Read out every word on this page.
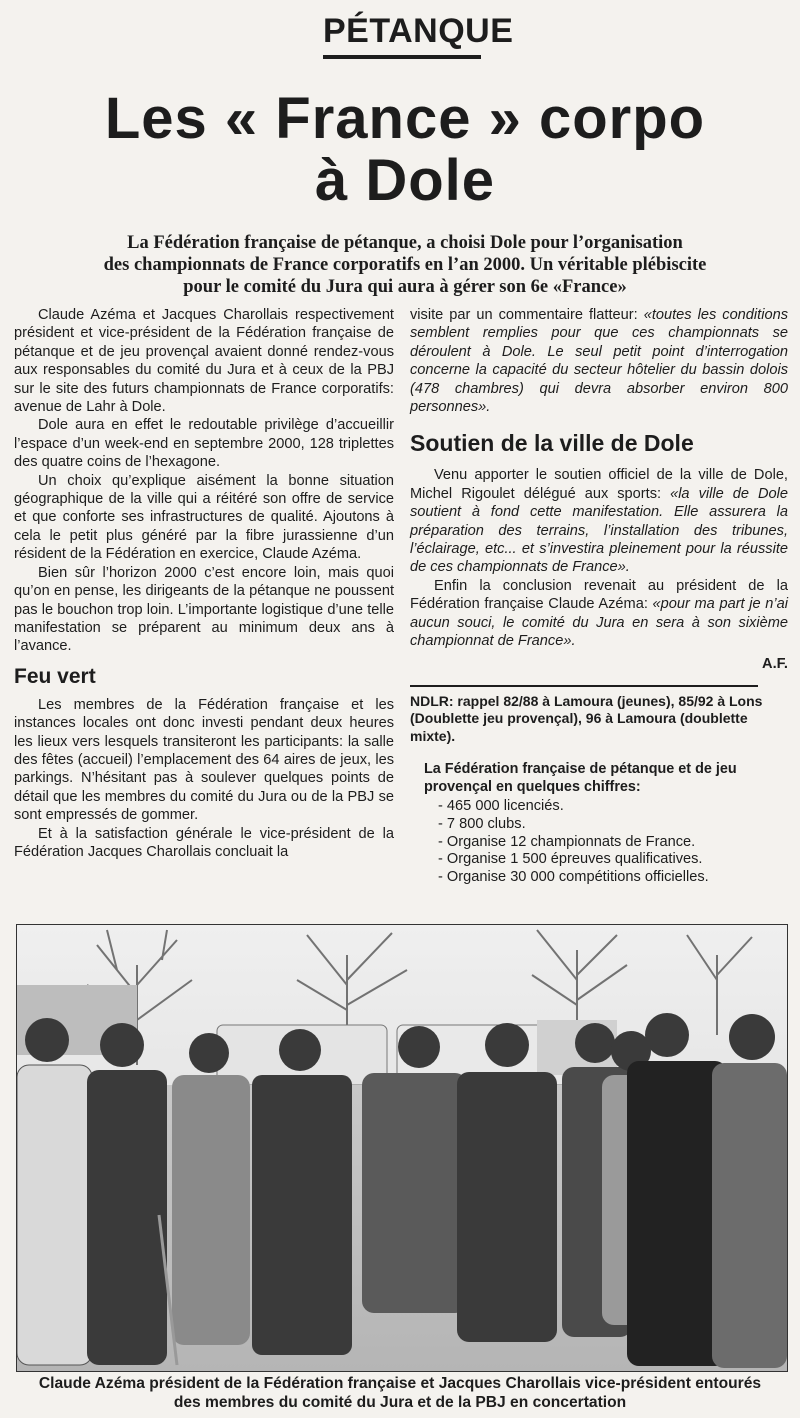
PÉTANQUE
Les « France » corpo
à Dole
La Fédération française de pétanque, a choisi Dole pour l’organisation
des championnats de France corporatifs en l’an 2000. Un véritable plébiscite
pour le comité du Jura qui aura à gérer son 6e «France»

Claude Azéma et Jacques Charollais respectivement président et vice-président de la Fédération française de pétanque et de jeu provençal avaient donné rendez-vous aux responsables du comité du Jura et à ceux de la PBJ sur le site des futurs championnats de France corporatifs: avenue de Lahr à Dole.

Dole aura en effet le redoutable privilège d’accueillir l’espace d’un week-end en septembre 2000, 128 triplettes des quatre coins de l’hexagone.

Un choix qu’explique aisément la bonne situation géographique de la ville qui a réitéré son offre de service et que conforte ses infrastructures de qualité. Ajoutons à cela le petit plus généré par la fibre jurassienne d’un résident de la Fédération en exercice, Claude Azéma.

Bien sûr l’horizon 2000 c’est encore loin, mais quoi qu’on en pense, les dirigeants de la pétanque ne poussent pas le bouchon trop loin. L’importante logistique d’une telle manifestation se préparent au minimum deux ans à l’avance.

Feu vert

Les membres de la Fédération française et les instances locales ont donc investi pendant deux heures les lieux vers lesquels transiteront les participants: la salle des fêtes (accueil) l’emplacement des 64 aires de jeux, les parkings. N’hésitant pas à soulever quelques points de détail que les membres du comité du Jura ou de la PBJ se sont empressés de gommer.

Et à la satisfaction générale le vice-président de la Fédération Jacques Charollais concluait la

visite par un commentaire flatteur: «toutes les conditions semblent remplies pour que ces championnats se déroulent à Dole. Le seul petit point d’interrogation concerne la capacité du secteur hôtelier du bassin dolois (478 chambres) qui devra absorber environ 800 personnes».

Soutien de la ville de Dole

Venu apporter le soutien officiel de la ville de Dole, Michel Rigoulet délégué aux sports: «la ville de Dole soutient à fond cette manifestation. Elle assurera la préparation des terrains, l’installation des tribunes, l’éclairage, etc... et s’investira pleinement pour la réussite de ces championnats de France».

Enfin la conclusion revenait au président de la Fédération française Claude Azéma: «pour ma part je n’ai aucun souci, le comité du Jura en sera à son sixième championnat de France».

A.F.
NDLR: rappel 82/88 à Lamoura (jeunes), 85/92 à Lons (Doublette jeu provençal), 96 à Lamoura (doublette mixte).
La Fédération française de pétanque et de jeu provençal en quelques chiffres:
- 465 000 licenciés.
- 7 800 clubs.
- Organise 12 championnats de France.
- Organise 1 500 épreuves qualificatives.
- Organise 30 000 compétitions officielles.
Claude Azéma président de la Fédération française et Jacques Charollais vice-président entourés
des membres du comité du Jura et de la PBJ en concertation
